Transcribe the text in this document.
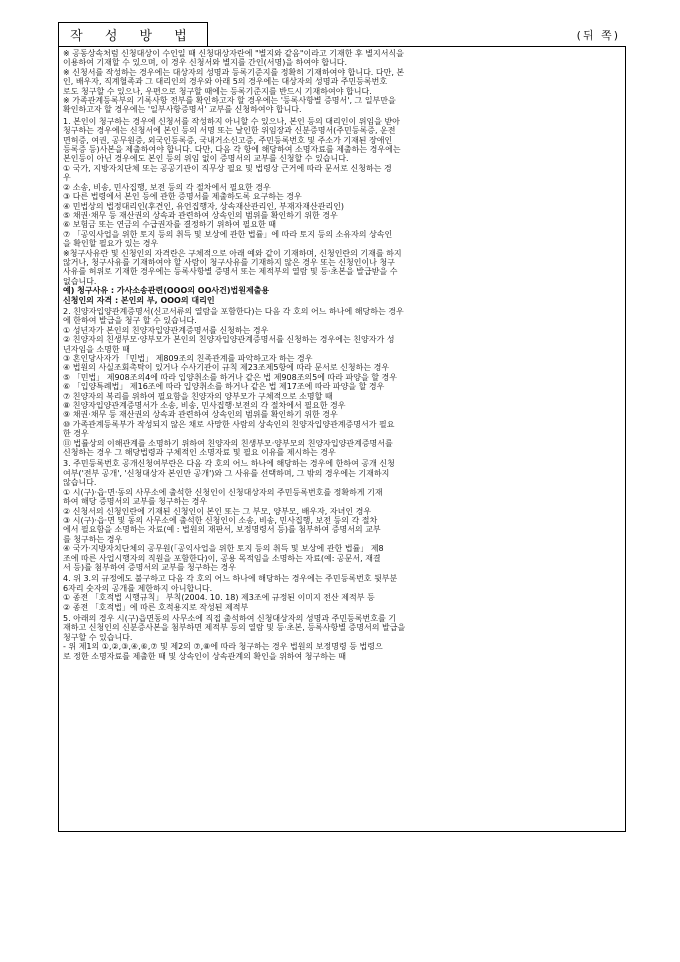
작 성 방 법	(뒤 쪽)

※ 공동상속처럼 신청대상이 수인일 때 신청대상자란에 "별지와 같음"이라고 기재한 후 별지서식을

이용하여 기재할 수 있으며, 이 경우 신청서와 별지를 간인(서명)을 하여야 합니다.

※ 신청서를 작성하는 경우에는 대상자의 성명과 등록기준지를 정확히 기재하여야 합니다. 다만, 본

인, 배우자, 직계혈족과 그 대리인의 경우와 아래 5의 경우에는 대상자의 성명과 주민등록번호

로도 청구할 수 있으나, 우편으로 청구할 때에는 등록기준지를 반드시 기재하여야 합니다.

※ 가족관계등록부의 기록사항 전부를 확인하고자 할 경우에는 '등록사항별 증명서', 그 일부만을

확인하고자 할 경우에는 '일부사항증명서' 교부를 신청하여야 합니다.

1. 본인이 청구하는 경우에 신청서를 작성하지 아니할 수 있으나, 본인 등의 대리인이 위임을 받아

청구하는 경우에는 신청서에 본인 등의 서명 또는 날인한 위임장과 신분증명서(주민등록증, 운전

면허증, 여권, 공무원증, 외국인등록증, 국내거소신고증, 주민등록번호 및 주소가 기재된 장애인

등록증 등)사본을 제출하여야 합니다. 다만, 다음 각 항에 해당하여 소명자료를 제출하는 경우에는

본인등이 아닌 경우에도 본인 등의 위임 없이 증명서의 교부를 신청할 수 있습니다.

① 국가, 지방자치단체 또는 공공기관이 직무상 필요 및 법령상 근거에 따라 문서로 신청하는 경

우

② 소송, 비송, 민사집행, 보전 등의 각 절차에서 필요한 경우

③ 다른 법령에서 본인 등에 관한 증명서를 제출하도록 요구하는 경우

④ 민법상의 법정대리인(후견인, 유언집행자, 상속재산관리인, 부재자재산관리인)

⑤ 채권·채무 등 재산권의 상속과 관련하여 상속인의 범위를 확인하기 위한 경우

⑥ 보험금 또는 연금의 수급권자를 결정하기 위하여 필요한 때

⑦ 「공익사업을 위한 토지 등의 취득 및 보상에 관한 법률」에 따라 토지 등의 소유자의 상속인

을 확인할 필요가 있는 경우

※청구사유란 및 신청인의 자격란은 구체적으로 아래 예와 같이 기재하며, 신청인란의 기재를 하지

않거나, 청구사유를 기재하여야 할 사람이 청구사유를 기재하지 않은 경우 또는 신청인이나 청구

사유를 허위로 기재한 경우에는 등록사항별 증명서 또는 제적부의 열람 및 등·초본을 발급받을 수

없습니다.

예) 청구사유 : 가사소송관련(OOO의 OO사건)법원제출용

신청인의 자격 : 본인의 부, OOO의 대리인

2. 친양자입양관계증명서(신고서류의 열람을 포함한다)는 다음 각 호의 어느 하나에 해당하는 경우

에 한하여 발급을 청구 할 수 있습니다.

① 성년자가 본인의 친양자입양관계증명서를 신청하는 경우

② 친양자의 친생부모·양부모가 본인의 친양자입양관계증명서를 신청하는 경우에는 친양자가 성

년자임을 소명한 때

③ 혼인당사자가 「민법」 제809조의 친족관계를 파악하고자 하는 경우

④ 법원의 사실조회촉탁이 있거나 수사기관이 규칙 제23조제5항에 따라 문서로 신청하는 경우

⑤ 「민법」 제908조의4에 따라 입양취소를 하거나 같은 법 제908조의5에 따라 파양을 할 경우

⑥ 「입양특례법」 제16조에 따라 입양취소를 하거나 같은 법 제17조에 따라 파양을 할 경우

⑦ 친양자의 복리를 위하여 필요함을 친양자의 양부모가 구체적으로 소명할 때

⑧ 친양자입양관계증명서가 소송, 비송, 민사집행·보전의 각 절차에서 필요한 경우

⑨ 채권·채무 등 재산권의 상속과 관련하여 상속인의 범위를 확인하기 위한 경우

⑩ 가족관계등록부가 작성되지 않은 채로 사망한 사람의 상속인의 친양자입양관계증명서가 필요

한 경우

⑪ 법률상의 이해관계를 소명하기 위하여 친양자의 친생부모·양부모의 친양자입양관계증명서를

신청하는 경우 그 해당법령과 구체적인 소명자료 및 필요 이유를 제시하는 경우

3. 주민등록번호 공개신청여부란은 다음 각 호의 어느 하나에 해당하는 경우에 한하여 공개 신청

여부('전부 공개', '신청대상자 본인만 공개')와 그 사유를 선택하며, 그 밖의 경우에는 기재하지

않습니다.

① 시(구)·읍·면·동의 사무소에 출석한 신청인이 신청대상자의 주민등록번호를 정확하게 기재

하여 해당 증명서의 교부를 청구하는 경우

② 신청서의 신청인란에 기재된 신청인이 본인 또는 그 부모, 양부모, 배우자, 자녀인 경우

③ 시(구)·읍·면 및 동의 사무소에 출석한 신청인이 소송, 비송, 민사집행, 보전 등의 각 절차

에서 필요함을 소명하는 자료(예 : 법원의 재판서, 보정명령서 등)를 첨부하여 증명서의 교부

를 청구하는 경우

④ 국가·지방자치단체의 공무원(「공익사업을 위한 토지 등의 취득 및 보상에 관한 법률」 제8

조에 따른 사업시행자의 직원을 포함한다)이, 공용 목적임을 소명하는 자료(예: 공문서, 재결

서 등)를 첨부하여 증명서의 교부를 청구하는 경우

4. 위 3.의 규정에도 불구하고 다음 각 호의 어느 하나에 해당하는 경우에는 주민등록번호 뒷부분

6자리 숫자의 공개를 제한하지 아니합니다.

① 종전 「호적법 시행규칙」 부칙(2004. 10. 18) 제3조에 규정된 이미지 전산 제적부 등

② 종전 「호적법」에 따른 호적용지로 작성된 제적부

5. 아래의 경우 시(구)읍면동의 사무소에 직접 출석하여 신청대상자의 성명과 주민등록번호를 기

재하고 신청인의 신분증사본을 첨부하면 제적부 등의 열람 및 등·초본, 등록사항별 증명서의 발급을

청구할 수 있습니다.

- 위 제1의 ①,②,③,④,⑥,⑦ 및 제2의 ⑦,⑧에 따라 청구하는 경우 법원의 보정명령 등 법령으

로 정한 소명자료를 제출한 때 및 상속인이 상속관계의 확인을 위하여 청구하는 때
